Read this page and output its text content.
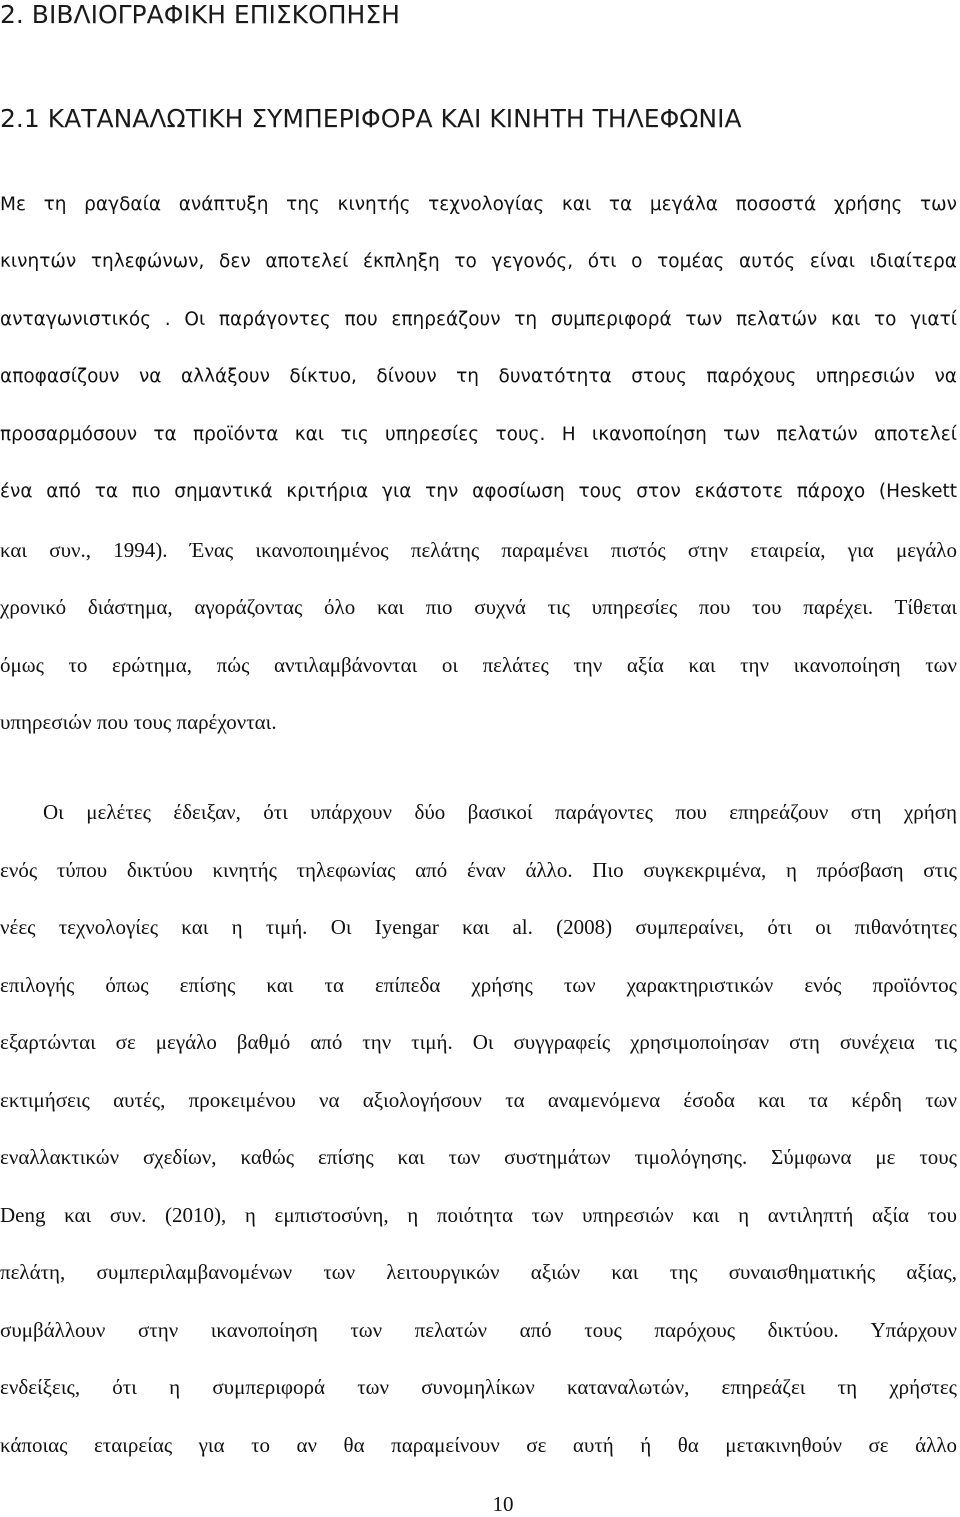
2. ΒΙΒΛΙΟΓΡΑΦΙΚΗ ΕΠΙΣΚΟΠΗΣΗ
2.1 ΚΑΤΑΝΑΛΩΤΙΚΗ ΣΥΜΠΕΡΙΦΟΡΑ ΚΑΙ ΚΙΝΗΤΗ ΤΗΛΕΦΩΝΙΑ
Με τη ραγδαία ανάπτυξη της κινητής τεχνολογίας και τα μεγάλα ποσοστά χρήσης των
κινητών τηλεφώνων, δεν αποτελεί έκπληξη το γεγονός, ότι ο τομέας αυτός είναι ιδιαίτερα
ανταγωνιστικός . Οι παράγοντες που επηρεάζουν τη συμπεριφορά των πελατών και το γιατί
αποφασίζουν να αλλάξουν δίκτυο, δίνουν τη δυνατότητα στους παρόχους υπηρεσιών να
προσαρμόσουν τα προϊόντα και τις υπηρεσίες τους. Η ικανοποίηση των πελατών αποτελεί
ένα από τα πιο σημαντικά κριτήρια για την αφοσίωση τους στον εκάστοτε πάροχο (Heskett
και συν., 1994). Ένας ικανοποιημένος πελάτης παραμένει πιστός στην εταιρεία, για μεγάλο
χρονικό διάστημα, αγοράζοντας όλο και πιο συχνά τις υπηρεσίες που του παρέχει. Τίθεται
όμως το ερώτημα, πώς αντιλαμβάνονται οι πελάτες την αξία και την ικανοποίηση των
υπηρεσιών που τους παρέχονται.
Οι μελέτες έδειξαν, ότι υπάρχουν δύο βασικοί παράγοντες που επηρεάζουν στη χρήση
ενός τύπου δικτύου κινητής τηλεφωνίας από έναν άλλο. Πιο συγκεκριμένα, η πρόσβαση στις
νέες τεχνολογίες και η τιμή. Οι Iyengar και al. (2008) συμπεραίνει, ότι οι πιθανότητες
επιλογής όπως επίσης και τα επίπεδα χρήσης των χαρακτηριστικών ενός προϊόντος
εξαρτώνται σε μεγάλο βαθμό από την τιμή. Οι συγγραφείς χρησιμοποίησαν στη συνέχεια τις
εκτιμήσεις αυτές, προκειμένου να αξιολογήσουν τα αναμενόμενα έσοδα και τα κέρδη των
εναλλακτικών σχεδίων, καθώς επίσης και των συστημάτων τιμολόγησης. Σύμφωνα με τους
Deng και συν. (2010), η εμπιστοσύνη, η ποιότητα των υπηρεσιών και η αντιληπτή αξία του
πελάτη, συμπεριλαμβανομένων των λειτουργικών αξιών και της συναισθηματικής αξίας,
συμβάλλουν στην ικανοποίηση των πελατών από τους παρόχους δικτύου. Υπάρχουν
ενδείξεις, ότι η συμπεριφορά των συνομηλίκων καταναλωτών, επηρεάζει τη χρήστες
κάποιας εταιρείας για το αν θα παραμείνουν σε αυτή ή θα μετακινηθούν σε άλλο
10
